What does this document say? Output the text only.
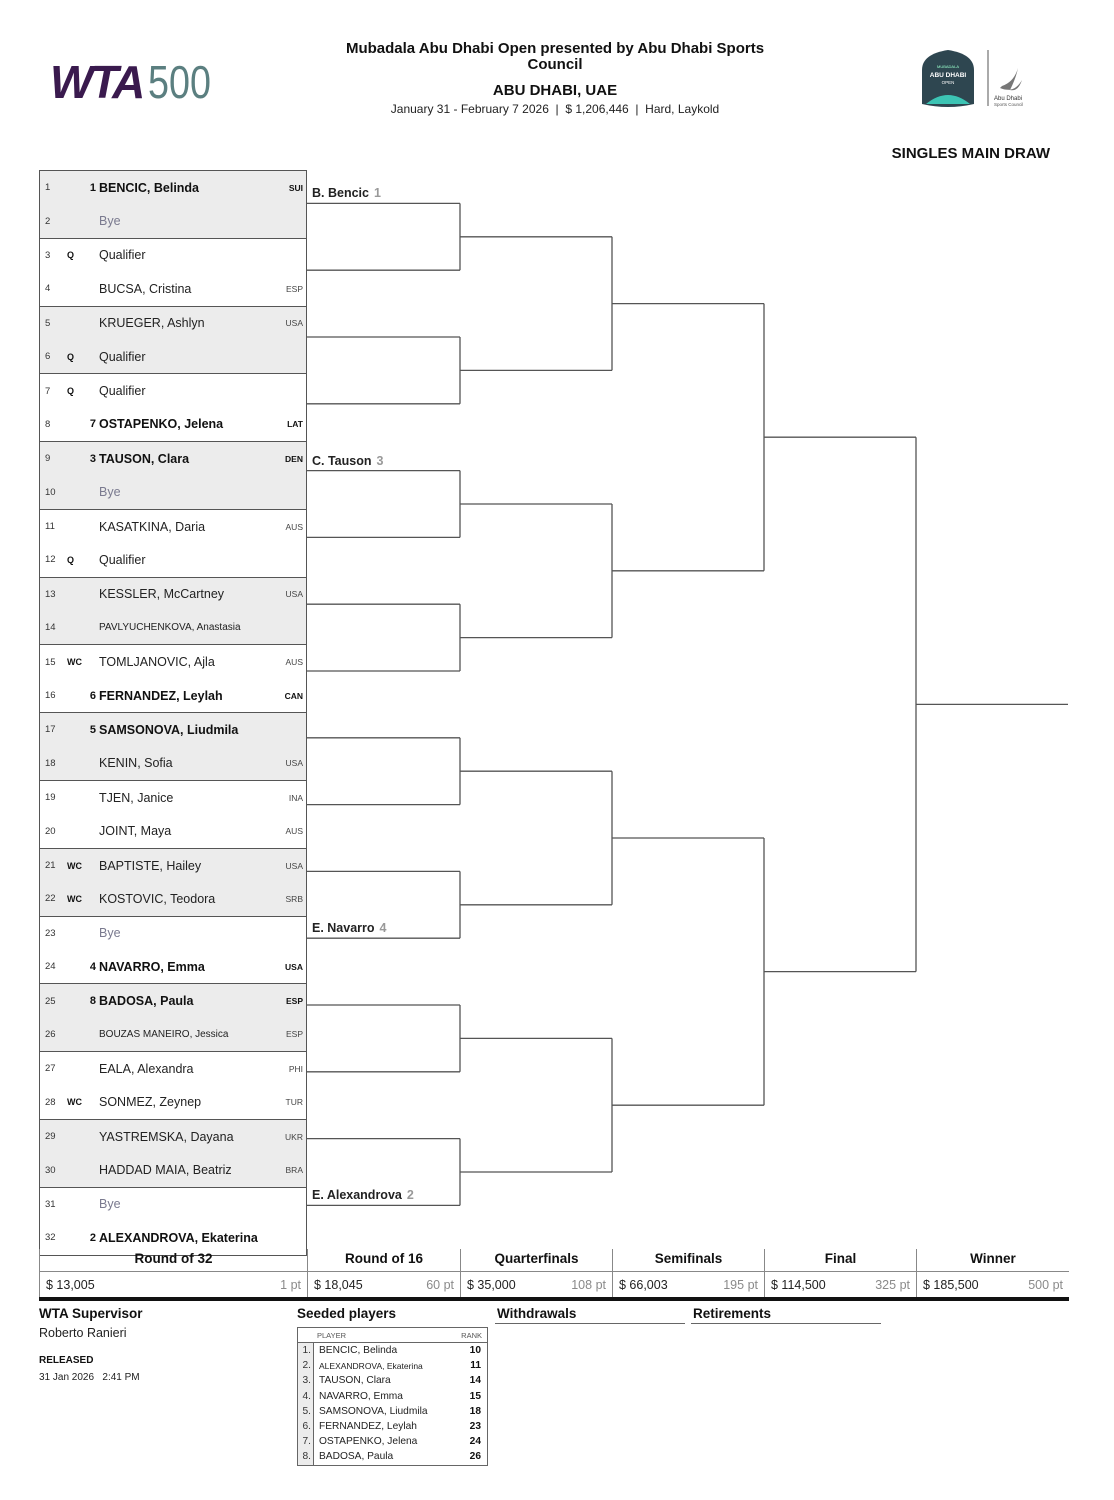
WTA 500
Mubadala Abu Dhabi Open presented by Abu Dhabi Sports
Council
ABU DHABI, UAE
January 31 - February 7 2026  |  $ 1,206,446  |  Hard, Laykold
MUBADALA
ABU DHABI
OPEN
Abu Dhabi
Sports Council
SINGLES MAIN DRAW
1	1 BENCIC, Belinda	SUI
2	Bye
3	Q	Qualifier
4	BUCSA, Cristina	ESP
5	KRUEGER, Ashlyn	USA
6	Q	Qualifier
7	Q	Qualifier
8	7 OSTAPENKO, Jelena	LAT
9	3 TAUSON, Clara	DEN
10	Bye
11	KASATKINA, Daria	AUS
12	Q	Qualifier
13	KESSLER, McCartney	USA
14	PAVLYUCHENKOVA, Anastasia
15	WC TOMLJANOVIC, Ajla	AUS
16	6 FERNANDEZ, Leylah	CAN
17	5 SAMSONOVA, Liudmila
18	KENIN, Sofia	USA
19	TJEN, Janice	INA
20	JOINT, Maya	AUS
21	WC BAPTISTE, Hailey	USA
22	WC KOSTOVIC, Teodora	SRB
23	Bye
24	4 NAVARRO, Emma	USA
25	8 BADOSA, Paula	ESP
26	BOUZAS MANEIRO, Jessica	ESP
27	EALA, Alexandra	PHI
28	WC SONMEZ, Zeynep	TUR
29	YASTREMSKA, Dayana	UKR
30	HADDAD MAIA, Beatriz	BRA
31	Bye
32	2 ALEXANDROVA, Ekaterina
B. Bencic 1
C. Tauson 3
E. Navarro 4
E. Alexandrova 2
Round of 32	Round of 16	Quarterfinals	Semifinals	Final	Winner
$ 13,005	1 pt $ 18,045	60 pt $ 35,000	108 pt $ 66,003	195 pt $ 114,500	325 pt $ 185,500	500 pt
WTA Supervisor
Roberto Ranieri
RELEASED
31 Jan 2026   2:41 PM
Seeded players
PLAYER	RANK
1. BENCIC, Belinda	10
2. ALEXANDROVA, Ekaterina	11
3. TAUSON, Clara	14
4. NAVARRO, Emma	15
5. SAMSONOVA, Liudmila	18
6. FERNANDEZ, Leylah	23
7. OSTAPENKO, Jelena	24
8. BADOSA, Paula	26
Withdrawals	Retirements
